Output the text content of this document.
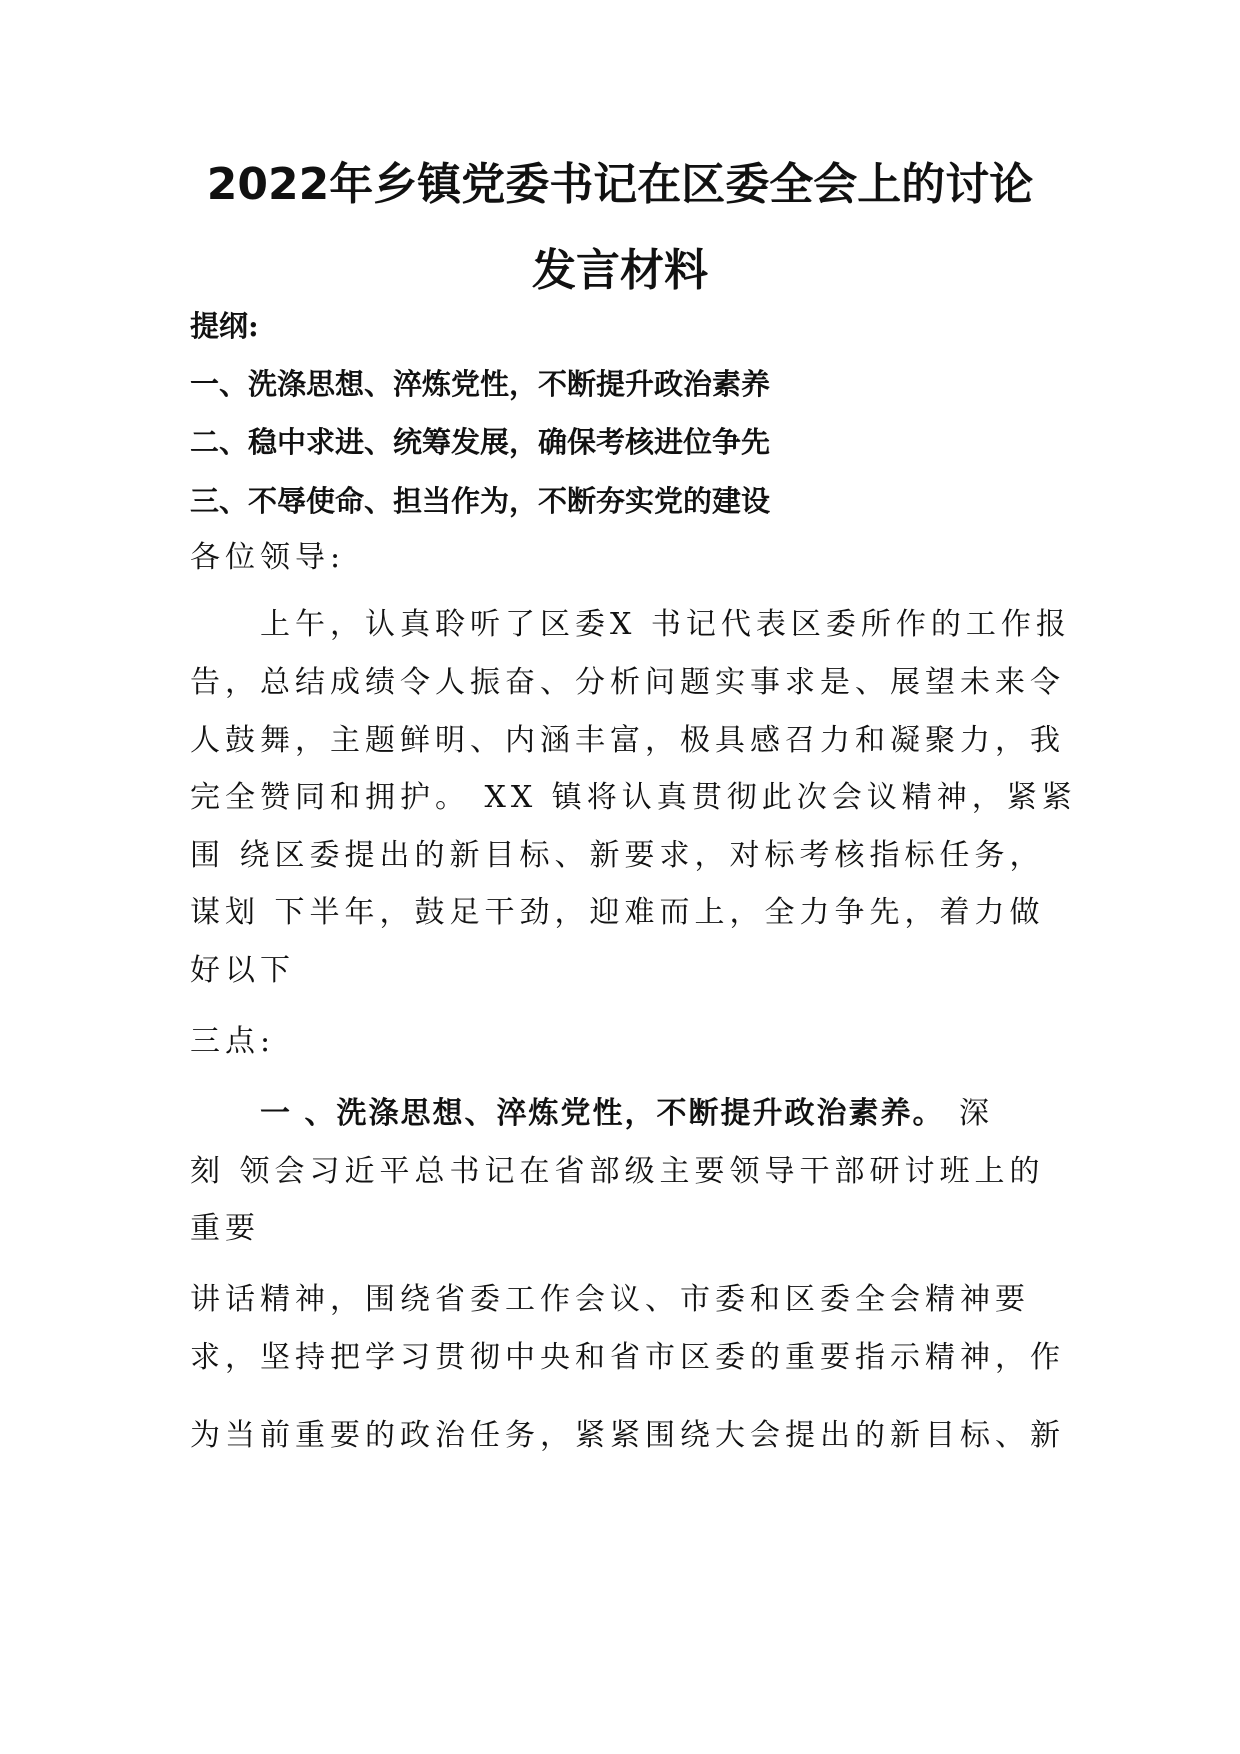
2022年乡镇党委书记在区委全会上的讨论
发言材料
提纲:
一、洗涤思想、淬炼党性，不断提升政治素养
二、稳中求进、统筹发展，确保考核进位争先
三、不辱使命、担当作为，不断夯实党的建设
各位领导:
上午，认真聆听了区委X 书记代表区委所作的工作报
告，总结成绩令人振奋、分析问题实事求是、展望未来令
人鼓舞，主题鲜明、内涵丰富，极具感召力和凝聚力，我
完全赞同和拥护。 XX 镇将认真贯彻此次会议精神，紧紧
围 绕区委提出的新目标、新要求，对标考核指标任务，
谋划 下半年，鼓足干劲，迎难而上，全力争先，着力做
好以下
三点:
一 、洗涤思想、淬炼党性，不断提升政治素养。 深
刻 领会习近平总书记在省部级主要领导干部研讨班上的
重要
讲话精神，围绕省委工作会议、市委和区委全会精神要
求，坚持把学习贯彻中央和省市区委的重要指示精神，作
为当前重要的政治任务，紧紧围绕大会提出的新目标、新
